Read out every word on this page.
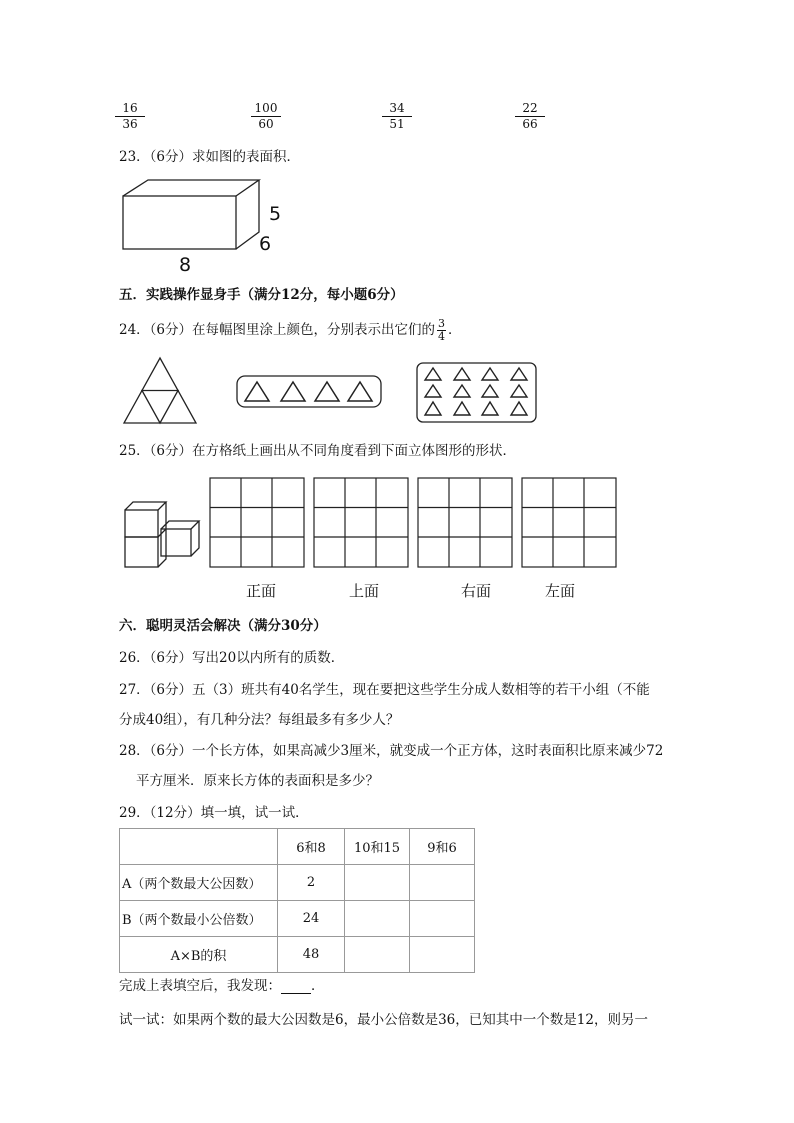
$\frac{16}{36}$	$\frac{100}{60}$	$\frac{34}{51}$	$\frac{22}{66}$
23．（6分）求如图的表面积．
5
6
8
五．实践操作显身手（满分12分，每小题6分）
24．（6分）在每幅图里涂上颜色，分别表示出它们的 $\frac{3}{4}$ ．
25．（6分）在方格纸上画出从不同角度看到下面立体图形的形状．
正面	上面	右面	左面
六．聪明灵活会解决（满分30分）
26．（6分）写出20以内所有的质数．
27．（6分）五（3）班共有40名学生，现在要把这些学生分成人数相等的若干小组（不能
分成40组），有几种分法？每组最多有多少人？
28．（6分）一个长方体，如果高减少3厘米，就变成一个正方体，这时表面积比原来减少72
平方厘米．原来长方体的表面积是多少？
29．（12分）填一填，试一试．
	6和8	10和15	9和6
A（两个数最大公因数）	2		
B（两个数最小公倍数）	24		
A×B的积	48		
完成上表填空后，我发现： ．
试一试：如果两个数的最大公因数是6，最小公倍数是36，已知其中一个数是12，则另一
